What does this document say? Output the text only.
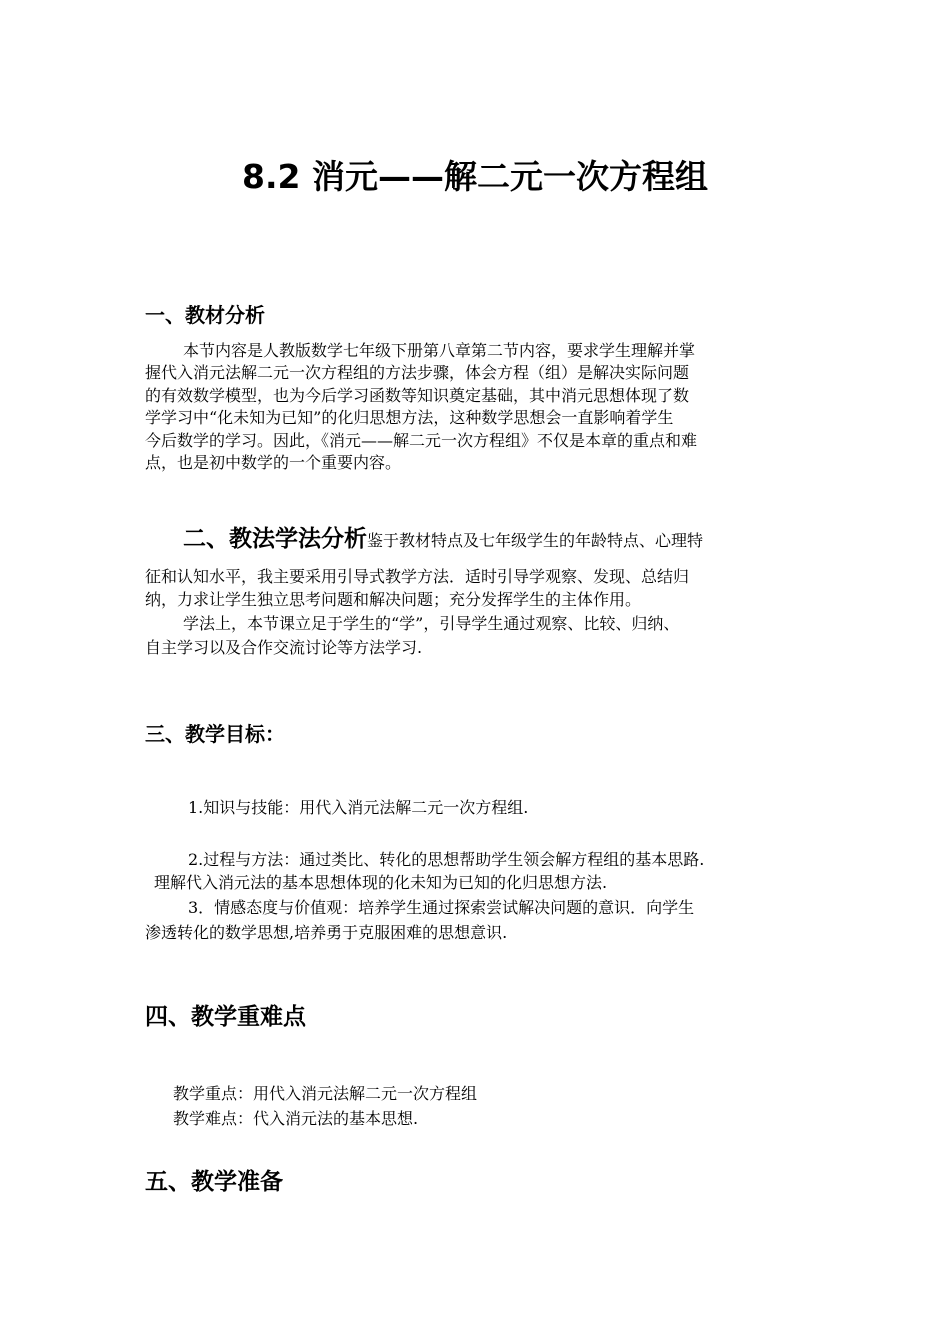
8.2 消元——解二元一次方程组
一、教材分析
本节内容是人教版数学七年级下册第八章第二节内容，要求学生理解并掌
握代入消元法解二元一次方程组的方法步骤，体会方程（组）是解决实际问题
的有效数学模型，也为今后学习函数等知识奠定基础，其中消元思想体现了数
学学习中“化未知为已知”的化归思想方法，这种数学思想会一直影响着学生
今后数学的学习。因此，《消元——解二元一次方程组》不仅是本章的重点和难
点，也是初中数学的一个重要内容。
二、教法学法分析鉴于教材特点及七年级学生的年龄特点、心理特
征和认知水平，我主要采用引导式教学方法．适时引导学观察、发现、总结归
纳，力求让学生独立思考问题和解决问题；充分发挥学生的主体作用。
学法上，本节课立足于学生的“学”，引导学生通过观察、比较、归纳、
自主学习以及合作交流讨论等方法学习.
三、教学目标：
1.知识与技能：用代入消元法解二元一次方程组.
2.过程与方法：通过类比、转化的思想帮助学生领会解方程组的基本思路.
理解代入消元法的基本思想体现的化未知为已知的化归思想方法.
3．情感态度与价值观：培养学生通过探索尝试解决问题的意识．向学生
渗透转化的数学思想,培养勇于克服困难的思想意识.
四、教学重难点
教学重点：用代入消元法解二元一次方程组
教学难点：代入消元法的基本思想.
五、教学准备
